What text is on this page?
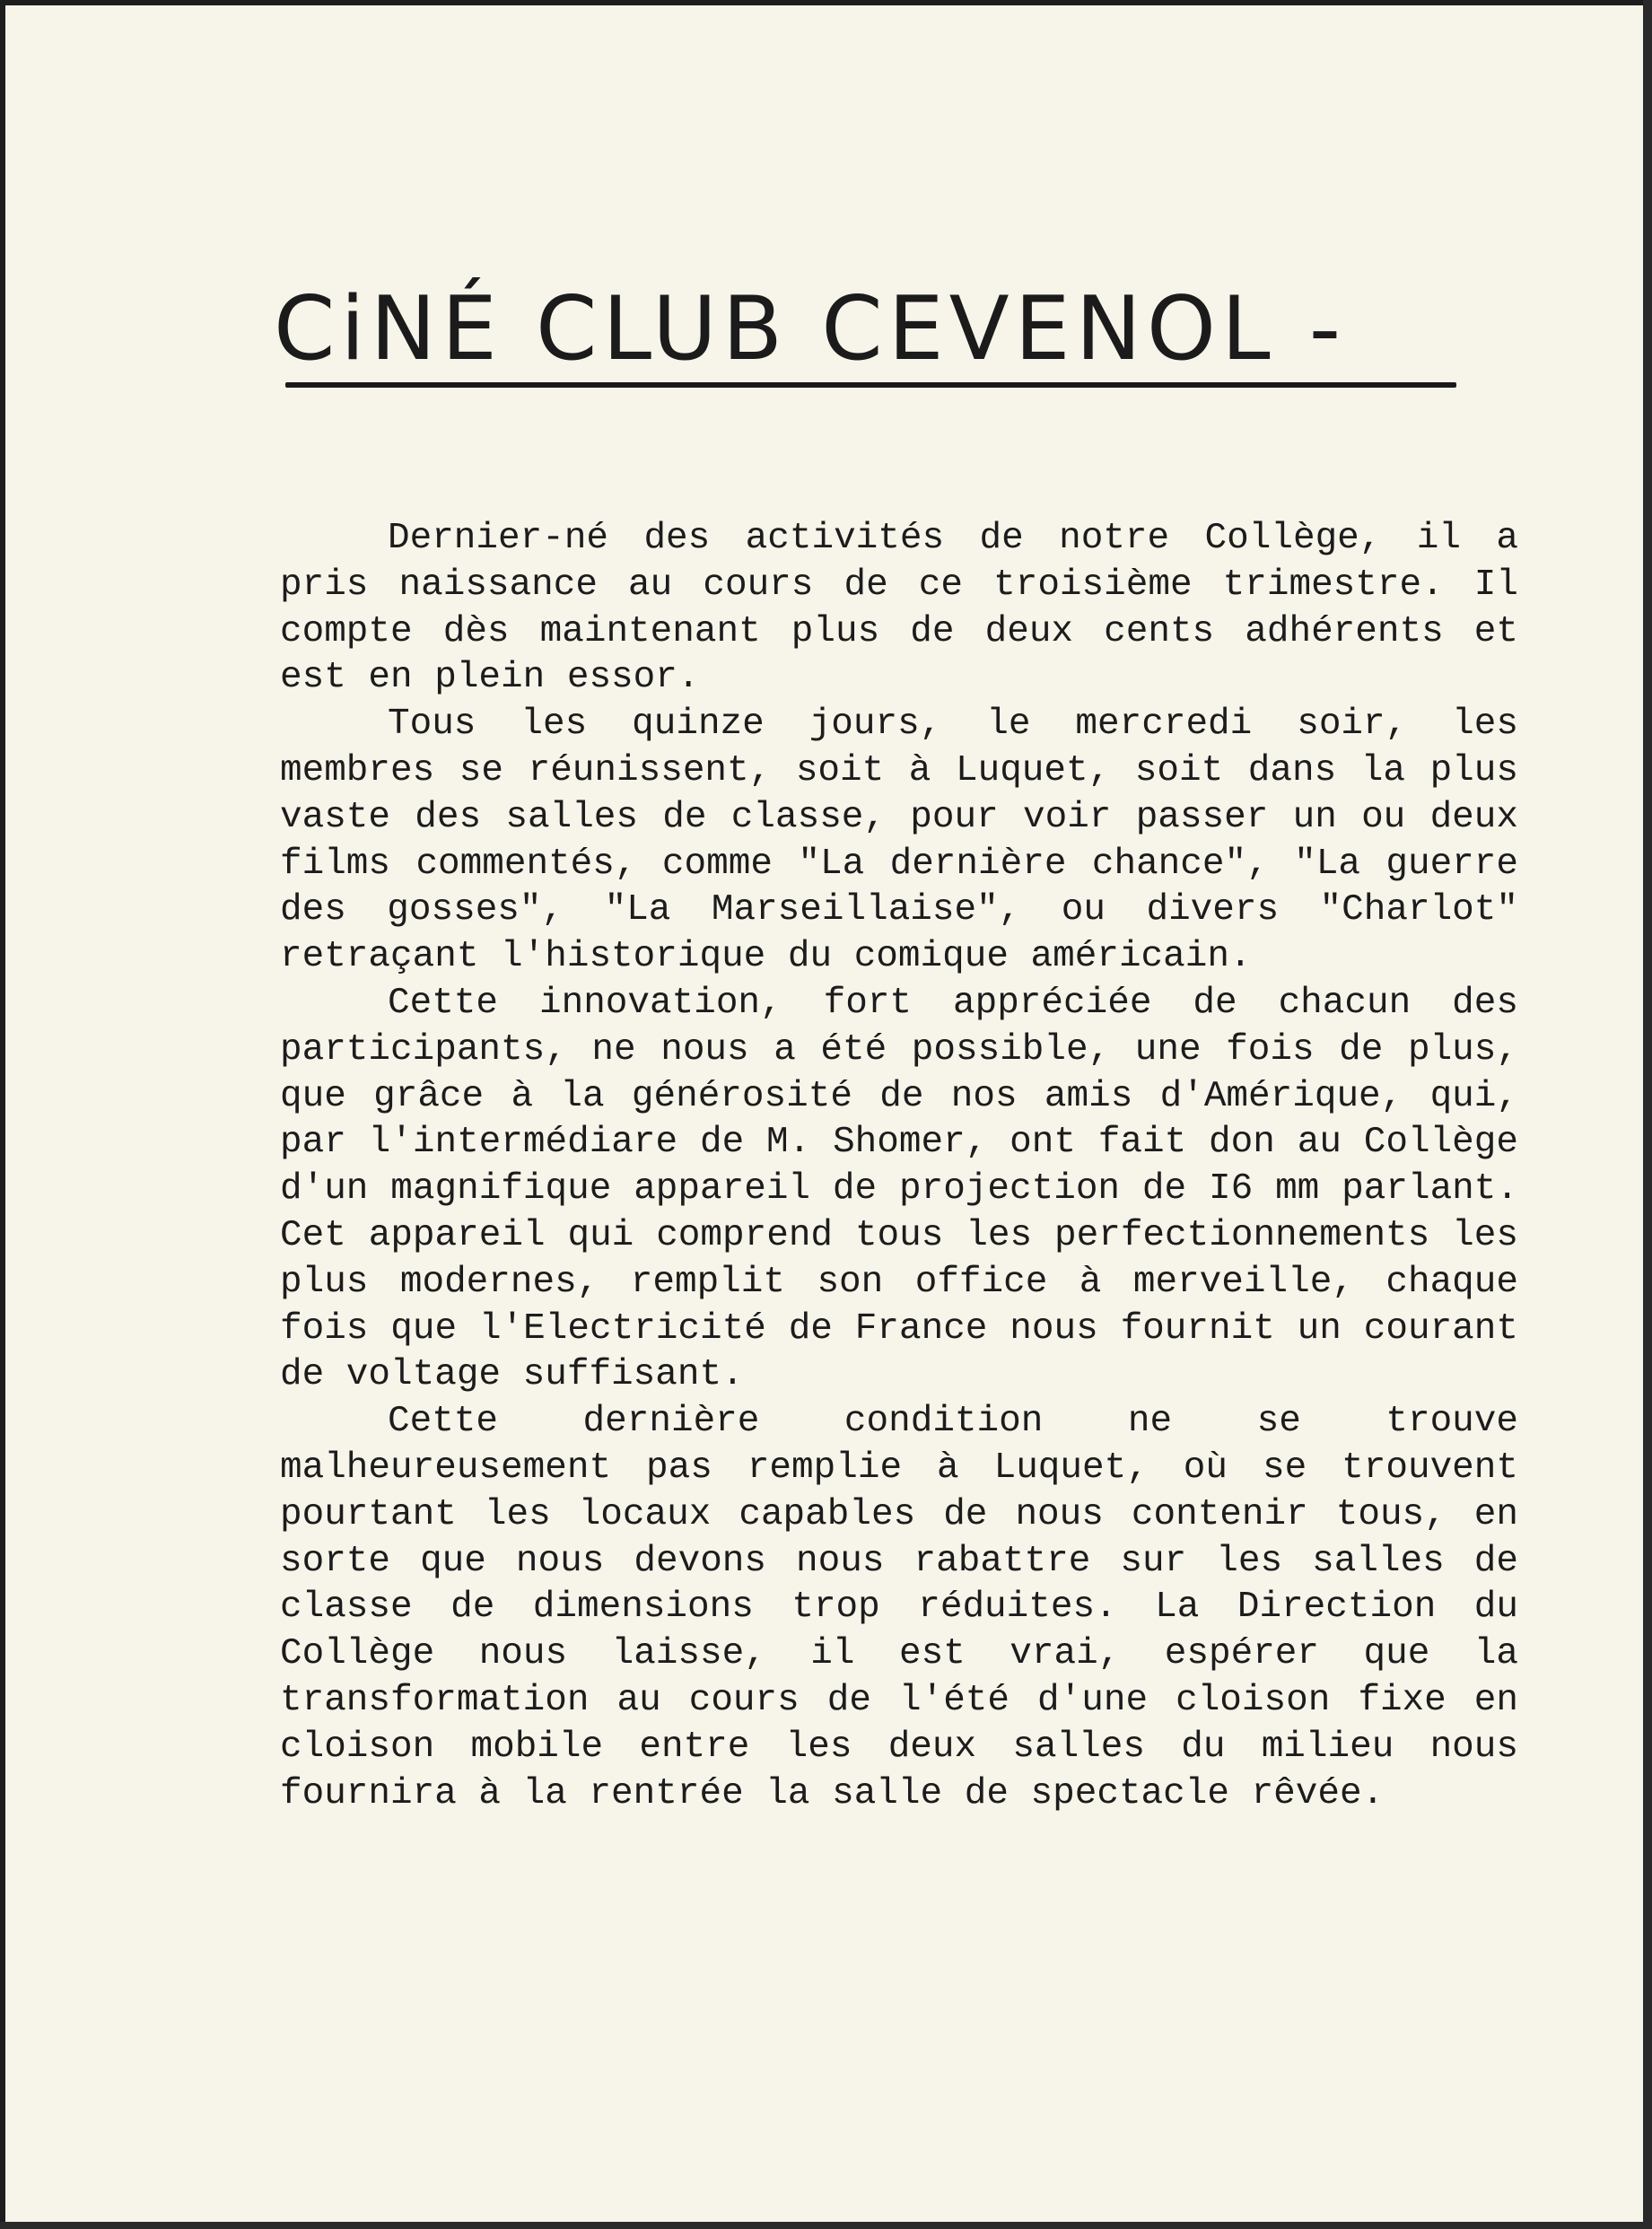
CiNÉ CLUB CEVENOL -

Dernier-né des activités de notre Collège, il a pris naissance au cours de ce troisième trimestre. Il compte dès maintenant plus de deux cents adhérents et est en plein essor.

Tous les quinze jours, le mercredi soir, les membres se réunissent, soit à Luquet, soit dans la plus vaste des salles de classe, pour voir passer un ou deux films commentés, comme "La dernière chance", "La guerre des gosses", "La Marseillaise", ou divers "Charlot" retraçant l'historique du comique américain.

Cette innovation, fort appréciée de chacun des participants, ne nous a été possible, une fois de plus, que grâce à la générosité de nos amis d'Amérique, qui, par l'intermédiare de M. Shomer, ont fait don au Collège d'un magnifique appareil de projection de I6 mm parlant. Cet appareil qui comprend tous les perfectionnements les plus modernes, remplit son office à merveille, chaque fois que l'Electricité de France nous fournit un courant de voltage suffisant.

Cette dernière condition ne se trouve malheureusement pas remplie à Luquet, où se trouvent pourtant les locaux capables de nous contenir tous, en sorte que nous devons nous rabattre sur les salles de classe de dimensions trop réduites. La Direction du Collège nous laisse, il est vrai, espérer que la transformation au cours de l'été d'une cloison fixe en cloison mobile entre les deux salles du milieu nous fournira à la rentrée la salle de spectacle rêvée.
